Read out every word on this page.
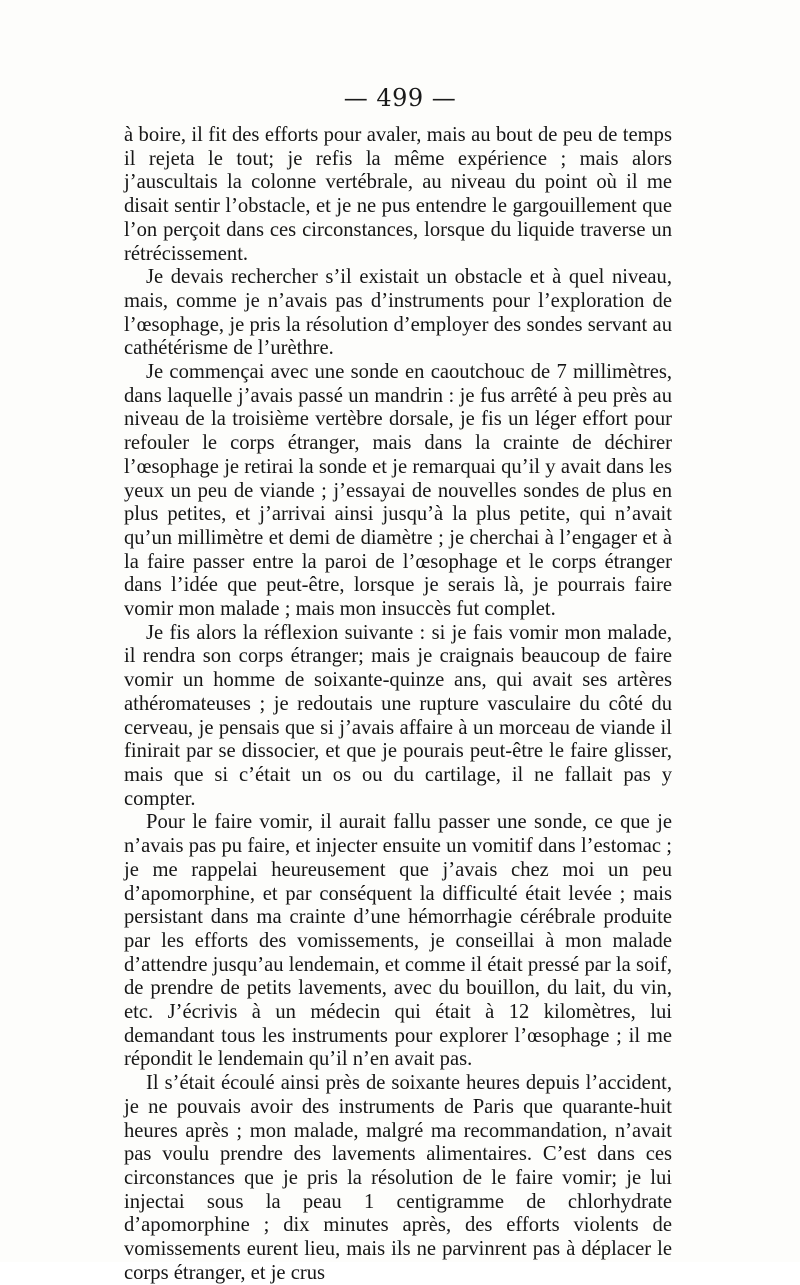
— 499 —

à boire, il fit des efforts pour avaler, mais au bout de peu de temps il rejeta le tout; je refis la même expérience ; mais alors j’auscultais la colonne vertébrale, au niveau du point où il me disait sentir l’obstacle, et je ne pus entendre le gargouillement que l’on perçoit dans ces circonstances, lorsque du liquide traverse un rétrécissement.

Je devais rechercher s’il existait un obstacle et à quel niveau, mais, comme je n’avais pas d’instruments pour l’exploration de l’œsophage, je pris la résolution d’employer des sondes servant au cathétérisme de l’urèthre.

Je commençai avec une sonde en caoutchouc de 7 millimètres, dans laquelle j’avais passé un mandrin : je fus arrêté à peu près au niveau de la troisième vertèbre dorsale, je fis un léger effort pour refouler le corps étranger, mais dans la crainte de déchirer l’œsophage je retirai la sonde et je remarquai qu’il y avait dans les yeux un peu de viande ; j’essayai de nouvelles sondes de plus en plus petites, et j’arrivai ainsi jusqu’à la plus petite, qui n’avait qu’un millimètre et demi de diamètre ; je cherchai à l’engager et à la faire passer entre la paroi de l’œsophage et le corps étranger dans l’idée que peut-être, lorsque je serais là, je pourrais faire vomir mon malade ; mais mon insuccès fut complet.

Je fis alors la réflexion suivante : si je fais vomir mon malade, il rendra son corps étranger; mais je craignais beaucoup de faire vomir un homme de soixante-quinze ans, qui avait ses artères athéromateuses ; je redoutais une rupture vasculaire du côté du cerveau, je pensais que si j’avais affaire à un morceau de viande il finirait par se dissocier, et que je pourais peut-être le faire glisser, mais que si c’était un os ou du cartilage, il ne fallait pas y compter.

Pour le faire vomir, il aurait fallu passer une sonde, ce que je n’avais pas pu faire, et injecter ensuite un vomitif dans l’estomac ; je me rappelai heureusement que j’avais chez moi un peu d’apomorphine, et par conséquent la difficulté était levée ; mais persistant dans ma crainte d’une hémorrhagie cérébrale produite par les efforts des vomissements, je conseillai à mon malade d’attendre jusqu’au lendemain, et comme il était pressé par la soif, de prendre de petits lavements, avec du bouillon, du lait, du vin, etc. J’écrivis à un médecin qui était à 12 kilomètres, lui demandant tous les instruments pour explorer l’œsophage ; il me répondit le lendemain qu’il n’en avait pas.

Il s’était écoulé ainsi près de soixante heures depuis l’accident, je ne pouvais avoir des instruments de Paris que quarante-huit heures après ; mon malade, malgré ma recommandation, n’avait pas voulu prendre des lavements alimentaires. C’est dans ces circonstances que je pris la résolution de le faire vomir; je lui injectai sous la peau 1 centigramme de chlorhydrate d’apomorphine ; dix minutes après, des efforts violents de vomissements eurent lieu, mais ils ne parvinrent pas à déplacer le corps étranger, et je crus
